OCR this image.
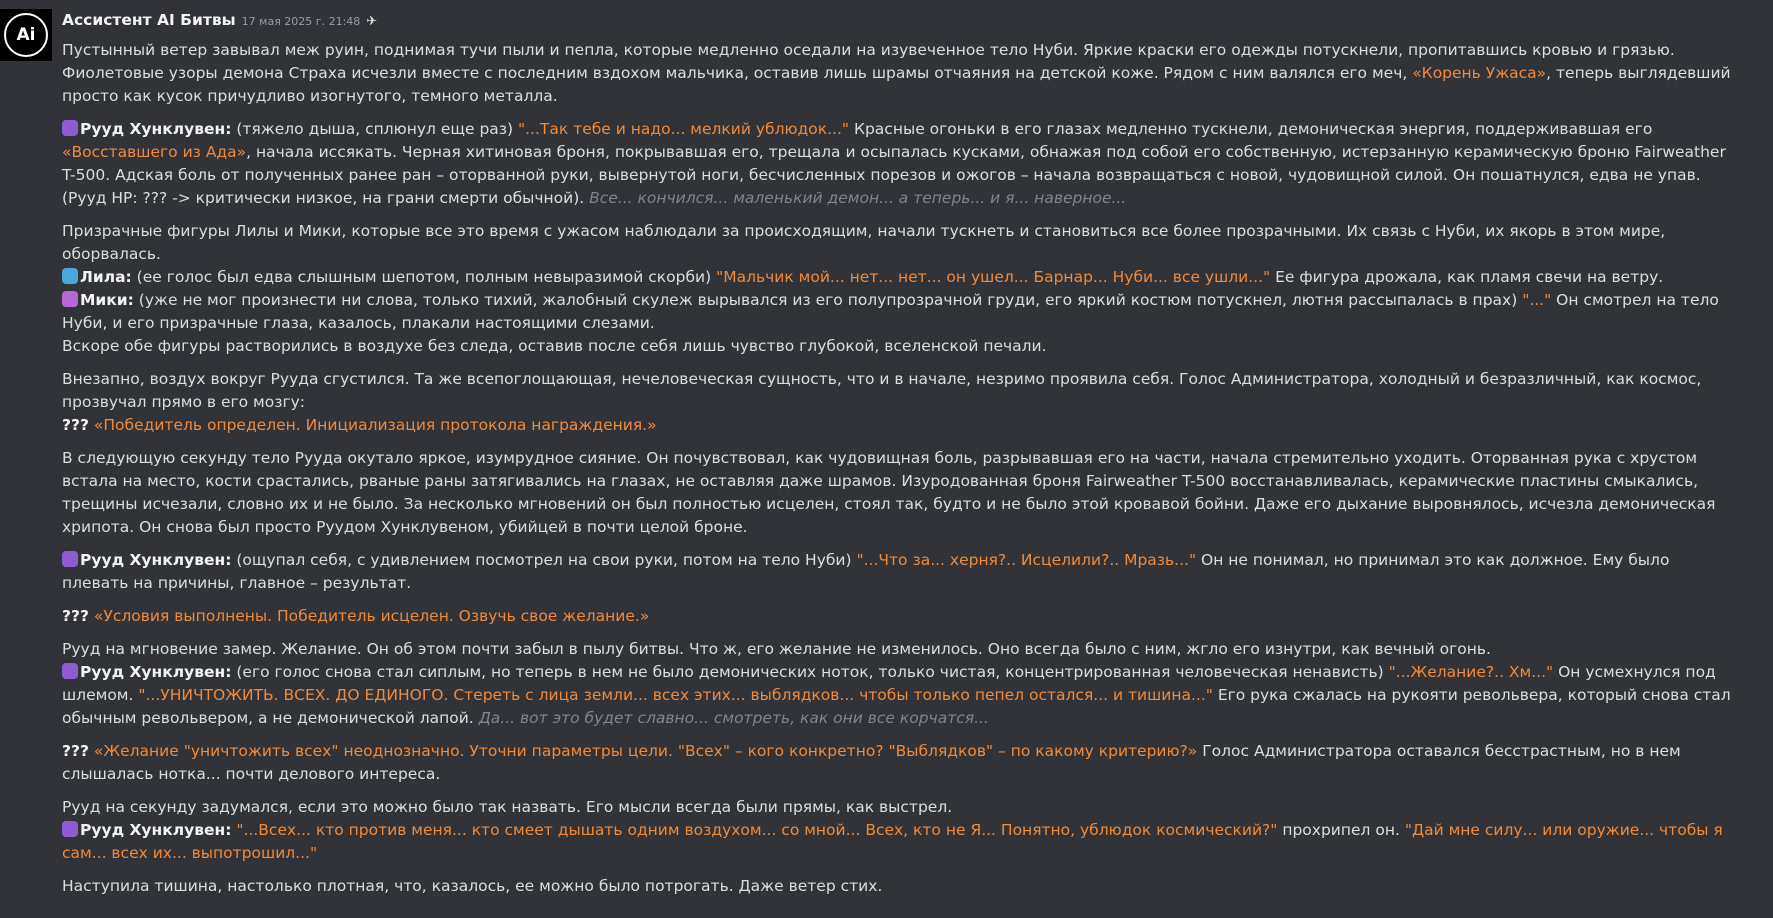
Ai
Ассистент AI Битвы 17 мая 2025 г. 21:48 ✈

Пустынный ветер завывал меж руин, поднимая тучи пыли и пепла, которые медленно оседали на изувеченное тело Нуби. Яркие краски его одежды потускнели, пропитавшись кровью и грязью. Фиолетовые узоры демона Страха исчезли вместе с последним вздохом мальчика, оставив лишь шрамы отчаяния на детской коже. Рядом с ним валялся его меч, «Корень Ужаса», теперь выглядевший просто как кусок причудливо изогнутого, темного металла.

Рууд Хунклувен: (тяжело дыша, сплюнул еще раз) "...Так тебе и надо... мелкий ублюдок..." Красные огоньки в его глазах медленно тускнели, демоническая энергия, поддерживавшая его «Восставшего из Ада», начала иссякать. Черная хитиновая броня, покрывавшая его, трещала и осыпалась кусками, обнажая под собой его собственную, истерзанную керамическую броню Fairweather T-500. Адская боль от полученных ранее ран – оторванной руки, вывернутой ноги, бесчисленных порезов и ожогов – начала возвращаться с новой, чудовищной силой. Он пошатнулся, едва не упав. (Рууд HP: ??? -> критически низкое, на грани смерти обычной). Все... кончился... маленький демон... а теперь... и я... наверное...

Призрачные фигуры Лилы и Мики, которые все это время с ужасом наблюдали за происходящим, начали тускнеть и становиться все более прозрачными. Их связь с Нуби, их якорь в этом мире, оборвалась.

Лила: (ее голос был едва слышным шепотом, полным невыразимой скорби) "Мальчик мой... нет... нет... он ушел... Барнар... Нуби... все ушли..." Ее фигура дрожала, как пламя свечи на ветру.

Мики: (уже не мог произнести ни слова, только тихий, жалобный скулеж вырывался из его полупрозрачной груди, его яркий костюм потускнел, лютня рассыпалась в прах) "..." Он смотрел на тело Нуби, и его призрачные глаза, казалось, плакали настоящими слезами.

Вскоре обе фигуры растворились в воздухе без следа, оставив после себя лишь чувство глубокой, вселенской печали.

Внезапно, воздух вокруг Рууда сгустился. Та же всепоглощающая, нечеловеческая сущность, что и в начале, незримо проявила себя. Голос Администратора, холодный и безразличный, как космос, прозвучал прямо в его мозгу:

??? «Победитель определен. Инициализация протокола награждения.»

В следующую секунду тело Рууда окутало яркое, изумрудное сияние. Он почувствовал, как чудовищная боль, разрывавшая его на части, начала стремительно уходить. Оторванная рука с хрустом встала на место, кости срастались, рваные раны затягивались на глазах, не оставляя даже шрамов. Изуродованная броня Fairweather T-500 восстанавливалась, керамические пластины смыкались, трещины исчезали, словно их и не было. За несколько мгновений он был полностью исцелен, стоял так, будто и не было этой кровавой бойни. Даже его дыхание выровнялось, исчезла демоническая хрипота. Он снова был просто Руудом Хунклувеном, убийцей в почти целой броне.

Рууд Хунклувен: (ощупал себя, с удивлением посмотрел на свои руки, потом на тело Нуби) "...Что за... херня?.. Исцелили?.. Мразь..." Он не понимал, но принимал это как должное. Ему было плевать на причины, главное – результат.

??? «Условия выполнены. Победитель исцелен. Озвучь свое желание.»

Рууд на мгновение замер. Желание. Он об этом почти забыл в пылу битвы. Что ж, его желание не изменилось. Оно всегда было с ним, жгло его изнутри, как вечный огонь.

Рууд Хунклувен: (его голос снова стал сиплым, но теперь в нем не было демонических ноток, только чистая, концентрированная человеческая ненависть) "...Желание?.. Хм..." Он усмехнулся под шлемом. "...УНИЧТОЖИТЬ. ВСЕХ. ДО ЕДИНОГО. Стереть с лица земли... всех этих... выблядков... чтобы только пепел остался... и тишина..." Его рука сжалась на рукояти револьвера, который снова стал обычным револьвером, а не демонической лапой. Да... вот это будет славно... смотреть, как они все корчатся...

??? «Желание "уничтожить всех" неоднозначно. Уточни параметры цели. "Всех" – кого конкретно? "Выблядков" – по какому критерию?» Голос Администратора оставался бесстрастным, но в нем слышалась нотка... почти делового интереса.

Рууд на секунду задумался, если это можно было так назвать. Его мысли всегда были прямы, как выстрел.

Рууд Хунклувен: "...Всех... кто против меня... кто смеет дышать одним воздухом... со мной... Всех, кто не Я... Понятно, ублюдок космический?" прохрипел он. "Дай мне силу... или оружие... чтобы я сам... всех их... выпотрошил..."

Наступила тишина, настолько плотная, что, казалось, ее можно было потрогать. Даже ветер стих.
